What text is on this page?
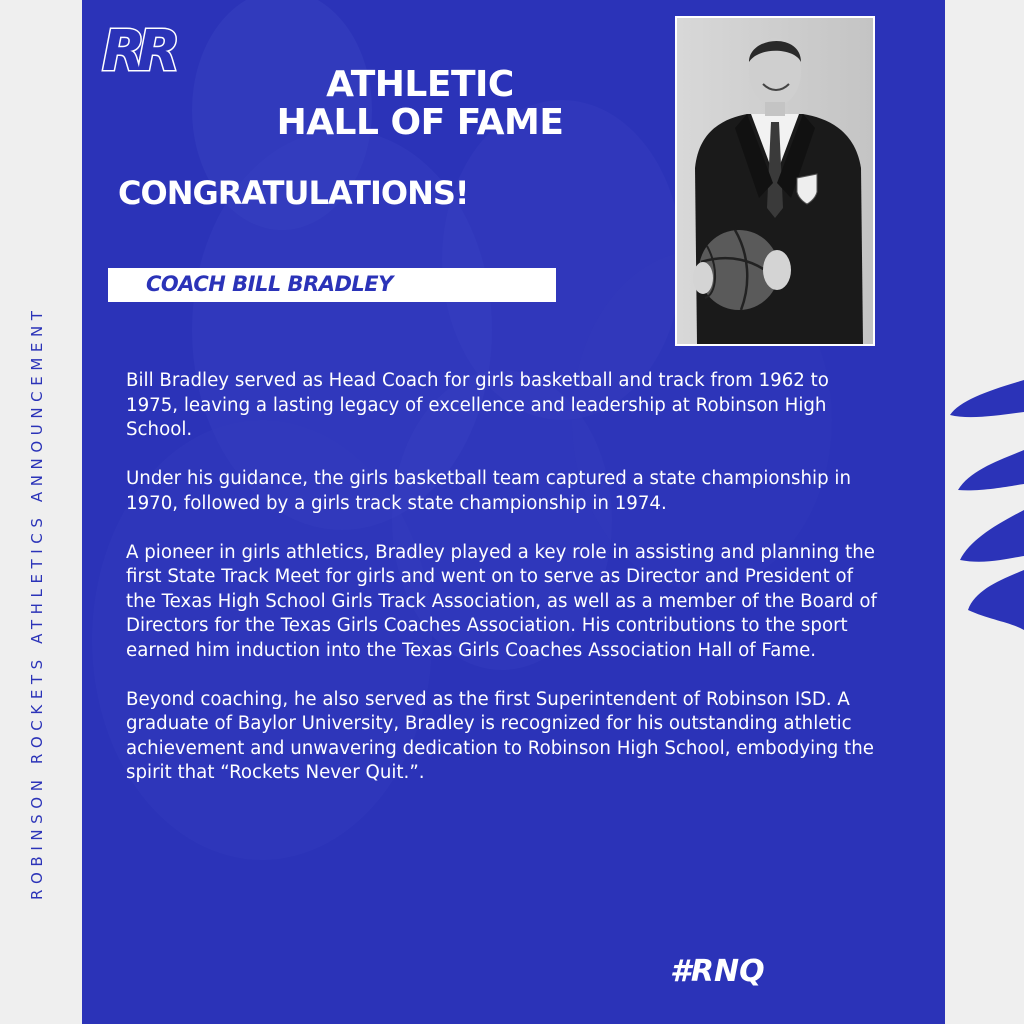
ROBINSON ROCKETS ATHLETICS ANNOUNCEMENT
RR
ATHLETIC
HALL OF FAME
CONGRATULATIONS!
COACH BILL BRADLEY

Bill Bradley served as Head Coach for girls basketball and track from 1962 to 1975, leaving a lasting legacy of excellence and leadership at Robinson High School.

Under his guidance, the girls basketball team captured a state championship in 1970, followed by a girls track state championship in 1974.

A pioneer in girls athletics, Bradley played a key role in assisting and planning the first State Track Meet for girls and went on to serve as Director and President of the Texas High School Girls Track Association, as well as a member of the Board of Directors for the Texas Girls Coaches Association. His contributions to the sport earned him induction into the Texas Girls Coaches Association Hall of Fame.

Beyond coaching, he also served as the first Superintendent of Robinson ISD. A graduate of Baylor University, Bradley is recognized for his outstanding athletic achievement and unwavering dedication to Robinson High School, embodying the spirit that “Rockets Never Quit.”.

#RNQ
